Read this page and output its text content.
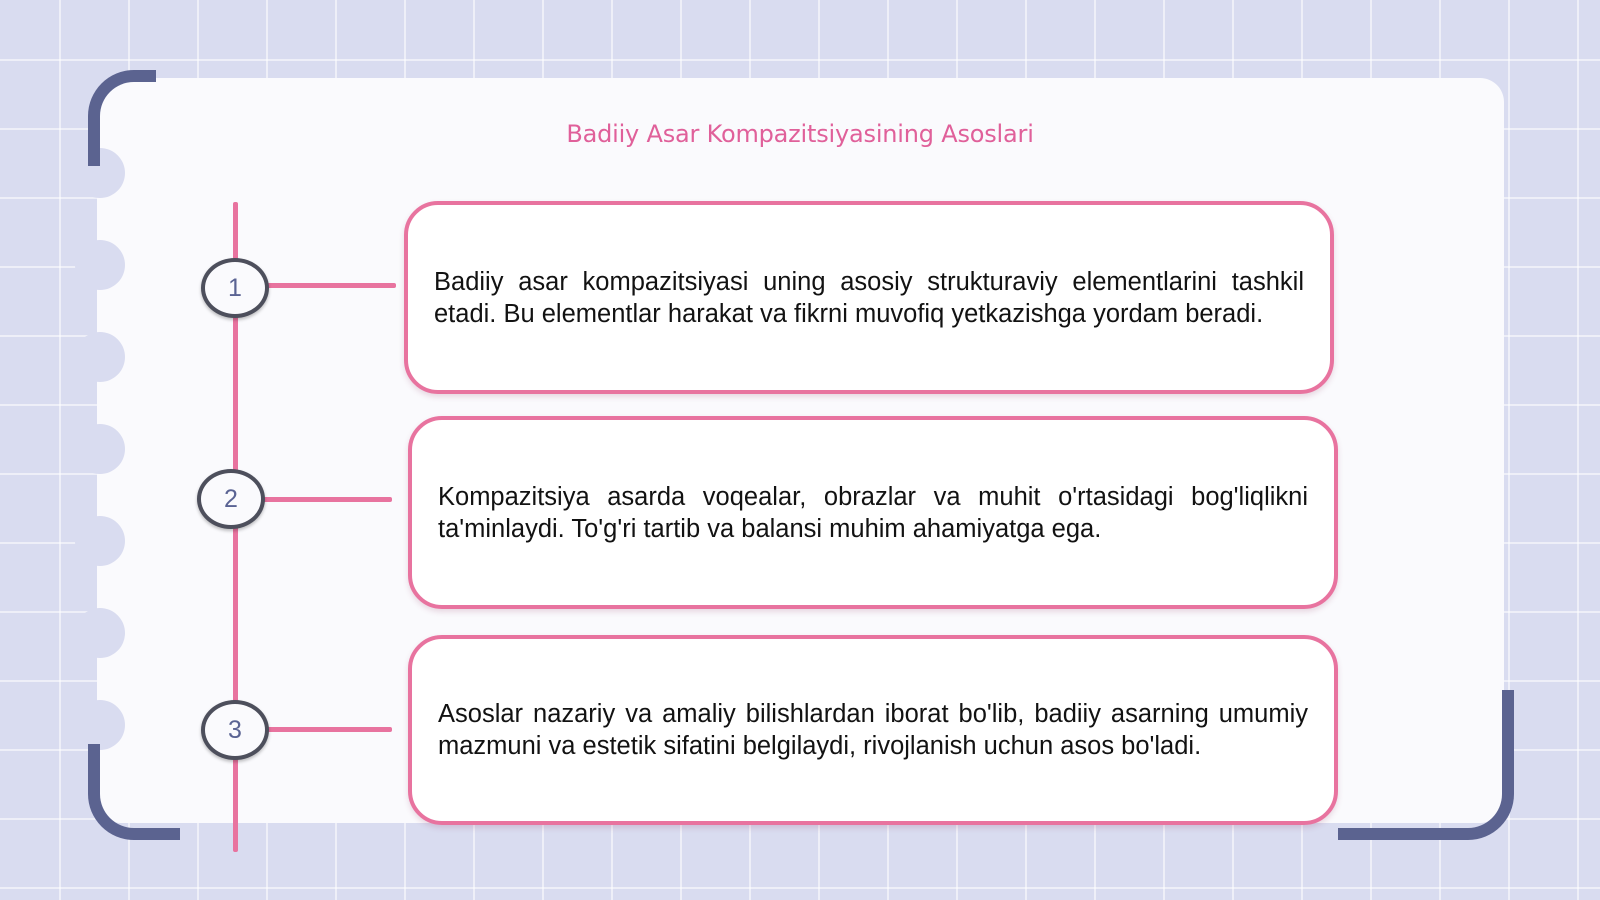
Badiiy Asar Kompazitsiyasining Asoslari
1	Badiiy asar kompazitsiyasi uning asosiy strukturaviy elementlarini tashkil etadi. Bu elementlar harakat va fikrni muvofiq yetkazishga yordam beradi.
2	Kompazitsiya asarda voqealar, obrazlar va muhit o'rtasidagi bog'liqlikni ta'minlaydi. To'g'ri tartib va balansi muhim ahamiyatga ega.
3
Asoslar nazariy va amaliy bilishlardan iborat bo'lib, badiiy asarning umumiy mazmuni va estetik sifatini belgilaydi, rivojlanish uchun asos bo'ladi.
